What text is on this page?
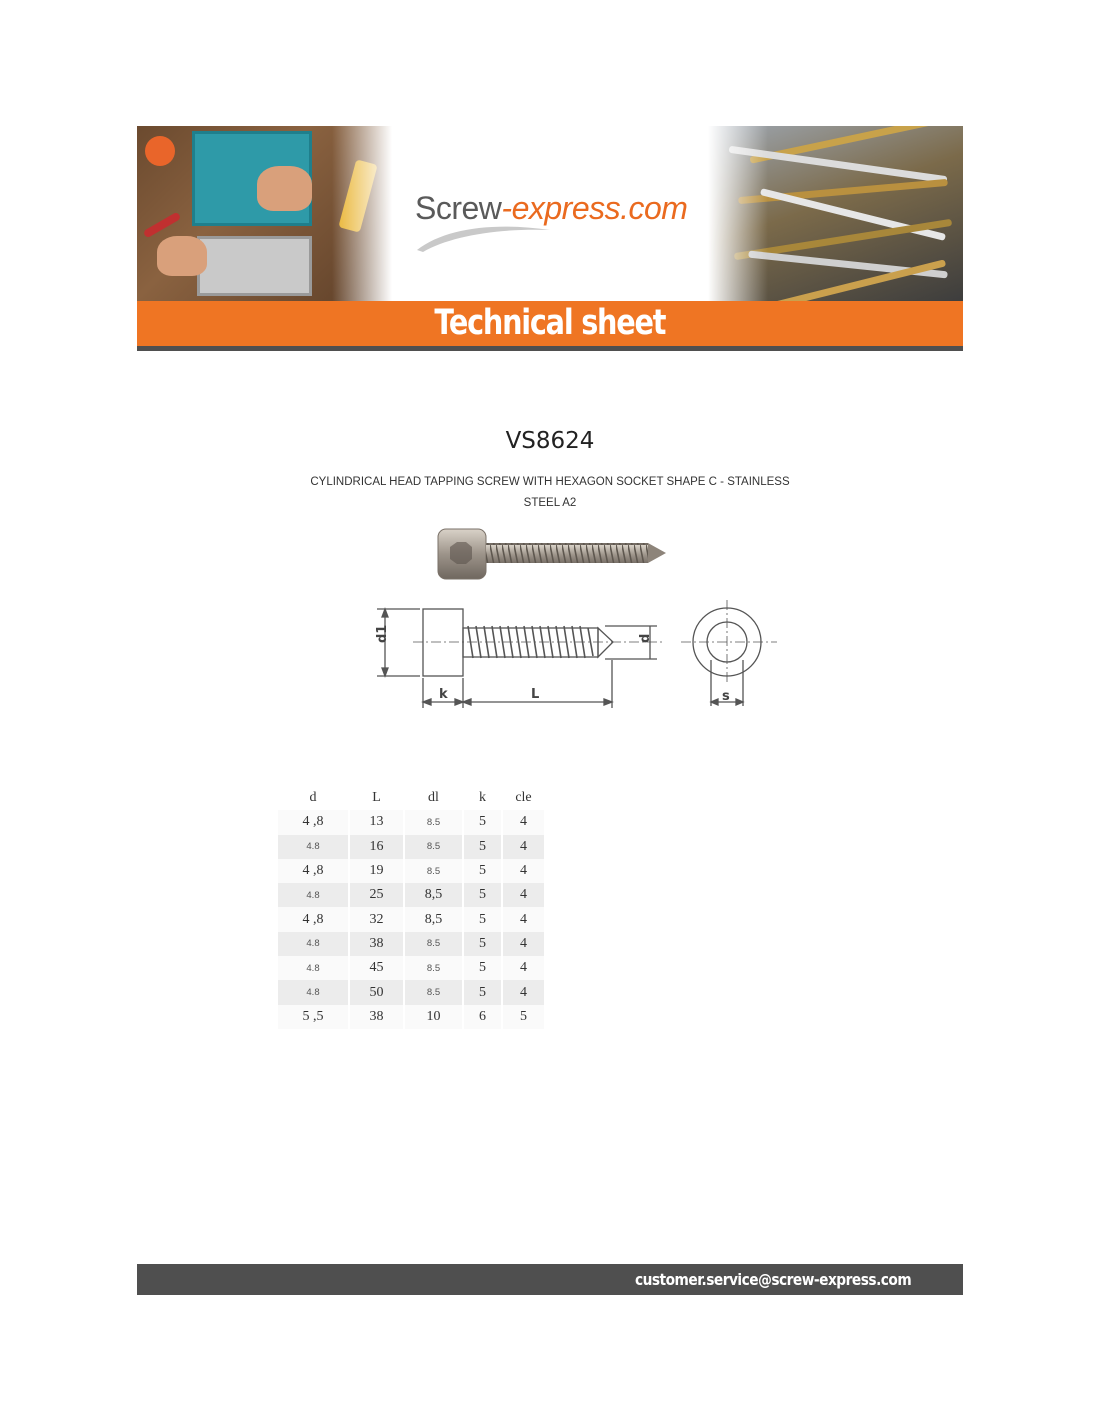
Screw-express.com
Technical sheet
VS8624
CYLINDRICAL HEAD TAPPING SCREW WITH HEXAGON SOCKET SHAPE C - STAINLESS STEEL A2
d1	d
k	L	s
d	L	dl	k	cle
4 ,8	13	8.5	5	4
4.8	16	8.5	5	4
4 ,8	19	8.5	5	4
4.8	25	8,5	5	4
4 ,8	32	8,5	5	4
4.8	38	8.5	5	4
4.8	45	8.5	5	4
4.8	50	8.5	5	4
5 ,5	38	10	6	5
customer.service@screw-express.com
